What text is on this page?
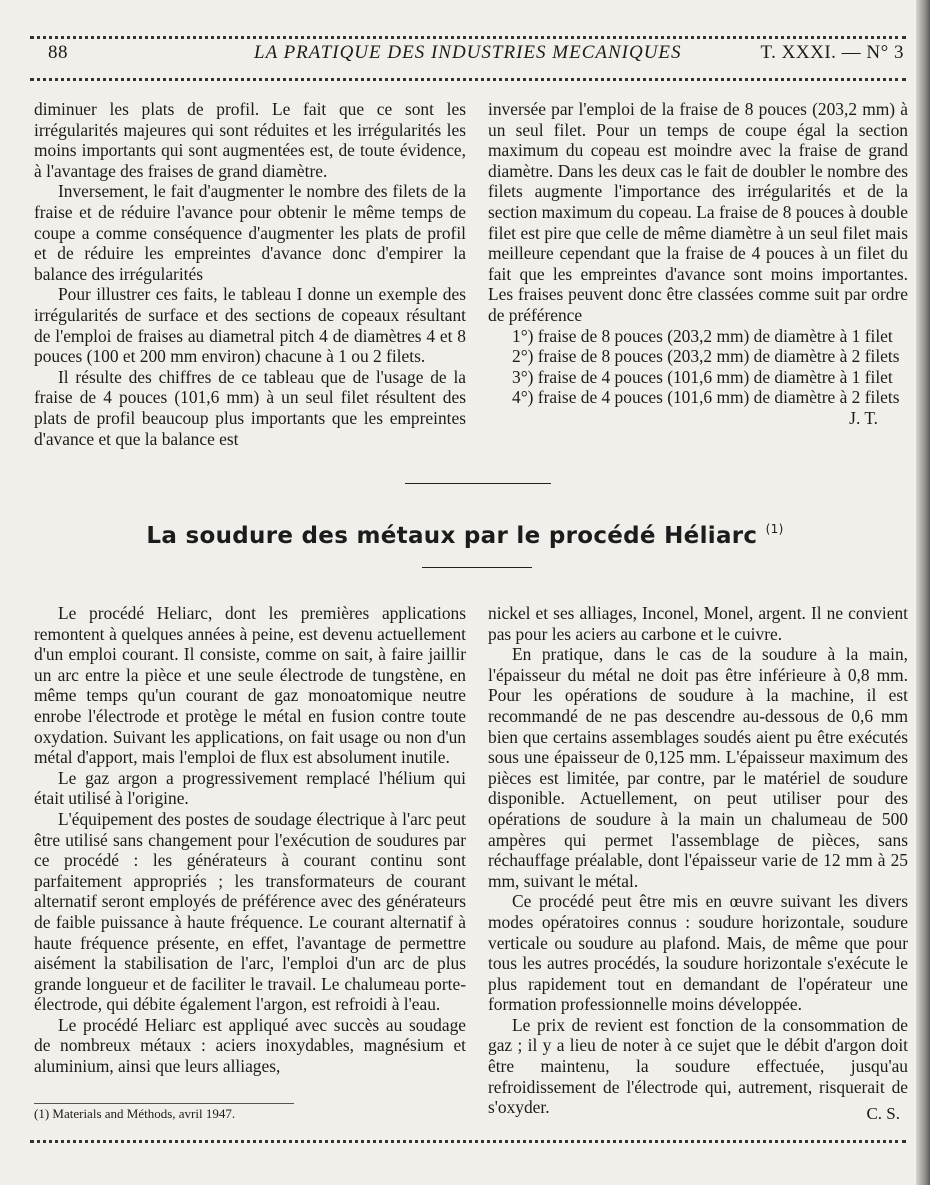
88	LA PRATIQUE DES INDUSTRIES MECANIQUES	T. XXXI. — N° 3

diminuer les plats de profil. Le fait que ce sont les irrégularités majeures qui sont réduites et les irrégularités les moins importants qui sont augmentées est, de toute évidence, à l'avantage des fraises de grand diamètre.

Inversement, le fait d'augmenter le nombre des filets de la fraise et de réduire l'avance pour obtenir le même temps de coupe a comme conséquence d'augmenter les plats de profil et de réduire les empreintes d'avance donc d'empirer la balance des irrégularités

Pour illustrer ces faits, le tableau I donne un exemple des irrégularités de surface et des sections de copeaux résultant de l'emploi de fraises au diametral pitch 4 de diamètres 4 et 8 pouces (100 et 200 mm environ) chacune à 1 ou 2 filets.

Il résulte des chiffres de ce tableau que de l'usage de la fraise de 4 pouces (101,6 mm) à un seul filet résultent des plats de profil beaucoup plus importants que les empreintes d'avance et que la balance est

inversée par l'emploi de la fraise de 8 pouces (203,2 mm) à un seul filet. Pour un temps de coupe égal la section maximum du copeau est moindre avec la fraise de grand diamètre. Dans les deux cas le fait de doubler le nombre des filets augmente l'importance des irrégularités et de la section maximum du copeau. La fraise de 8 pouces à double filet est pire que celle de même diamètre à un seul filet mais meilleure cependant que la fraise de 4 pouces à un filet du fait que les empreintes d'avance sont moins importantes. Les fraises peuvent donc être classées comme suit par ordre de préférence

1°) fraise de 8 pouces (203,2 mm) de diamètre à 1 filet

2°) fraise de 8 pouces (203,2 mm) de diamètre à 2 filets

3°) fraise de 4 pouces (101,6 mm) de diamètre à 1 filet

4°) fraise de 4 pouces (101,6 mm) de diamètre à 2 filets

J. T.

La soudure des métaux par le procédé Héliarc $^{(1)}$

Le procédé Heliarc, dont les premières applications remontent à quelques années à peine, est devenu actuellement d'un emploi courant. Il consiste, comme on sait, à faire jaillir un arc entre la pièce et une seule électrode de tungstène, en même temps qu'un courant de gaz monoatomique neutre enrobe l'électrode et protège le métal en fusion contre toute oxydation. Suivant les applications, on fait usage ou non d'un métal d'apport, mais l'emploi de flux est absolument inutile.

Le gaz argon a progressivement remplacé l'hélium qui était utilisé à l'origine.

L'équipement des postes de soudage électrique à l'arc peut être utilisé sans changement pour l'exécution de soudures par ce procédé : les générateurs à courant continu sont parfaitement appropriés ; les transformateurs de courant alternatif seront employés de préférence avec des générateurs de faible puissance à haute fréquence. Le courant alternatif à haute fréquence présente, en effet, l'avantage de permettre aisément la stabilisation de l'arc, l'emploi d'un arc de plus grande longueur et de faciliter le travail. Le chalumeau porte-électrode, qui débite également l'argon, est refroidi à l'eau.

Le procédé Heliarc est appliqué avec succès au soudage de nombreux métaux : aciers inoxydables, magnésium et aluminium, ainsi que leurs alliages,

nickel et ses alliages, Inconel, Monel, argent. Il ne convient pas pour les aciers au carbone et le cuivre.

En pratique, dans le cas de la soudure à la main, l'épaisseur du métal ne doit pas être inférieure à 0,8 mm. Pour les opérations de soudure à la machine, il est recommandé de ne pas descendre au-dessous de 0,6 mm bien que certains assemblages soudés aient pu être exécutés sous une épaisseur de 0,125 mm. L'épaisseur maximum des pièces est limitée, par contre, par le matériel de soudure disponible. Actuellement, on peut utiliser pour des opérations de soudure à la main un chalumeau de 500 ampères qui permet l'assemblage de pièces, sans réchauffage préalable, dont l'épaisseur varie de 12 mm à 25 mm, suivant le métal.

Ce procédé peut être mis en œuvre suivant les divers modes opératoires connus : soudure horizontale, soudure verticale ou soudure au plafond. Mais, de même que pour tous les autres procédés, la soudure horizontale s'exécute le plus rapidement tout en demandant de l'opérateur une formation professionnelle moins développée.

Le prix de revient est fonction de la consommation de gaz ; il y a lieu de noter à ce sujet que le débit d'argon doit être maintenu, la soudure effectuée, jusqu'au refroidissement de l'électrode qui, autrement, risquerait de s'oxyder.

(1) Materials and Méthods, avril 1947.	C. S.
